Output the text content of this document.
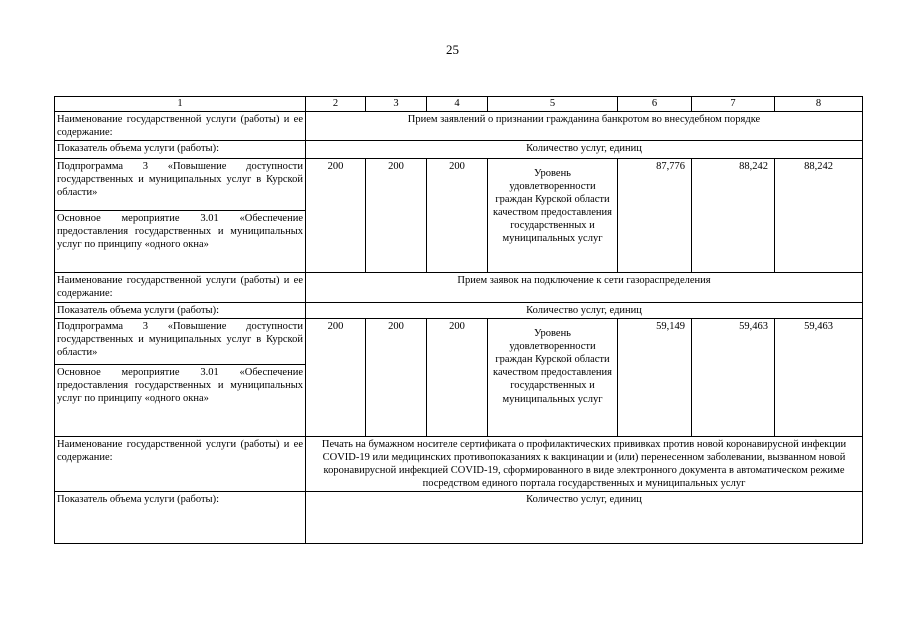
25
1	2	3	4	5	6	7	8
Наименование государственной услуги (работы) и ее содержание:	Прием заявлений о признании гражданина банкротом во внесудебном порядке						
Показатель объема услуги (работы):	Количество услуг, единиц						
Подпрограмма 3 «Повышение доступности государственных и муниципальных услуг в Курской области»	200	200	200	Уровень удовлетворенности граждан Курской области качеством предоставления государственных и муниципальных услуг	87,776	88,242	88,242
Основное мероприятие 3.01 «Обеспечение предоставления государственных и муниципальных услуг по принципу «одного окна»							
Наименование государственной услуги (работы) и ее содержание:	Прием заявок на подключение к сети газораспределения						
Показатель объема услуги (работы):	Количество услуг, единиц						
Подпрограмма 3 «Повышение доступности государственных и муниципальных услуг в Курской области»	200	200	200	Уровень удовлетворенности граждан Курской области качеством предоставления государственных и муниципальных услуг	59,149	59,463	59,463
Основное мероприятие 3.01 «Обеспечение предоставления государственных и муниципальных услуг по принципу «одного окна»							
Наименование государственной услуги (работы) и ее содержание:	Печать на бумажном носителе сертификата о профилактических прививках против новой коронавирусной инфекции COVID-19 или медицинских противопоказаниях к вакцинации и (или) перенесенном заболевании, вызванном новой коронавирусной инфекцией COVID-19, сформированного в виде электронного документа в автоматическом режиме посредством единого портала государственных и муниципальных услуг						
Показатель объема услуги (работы):	Количество услуг, единиц						
